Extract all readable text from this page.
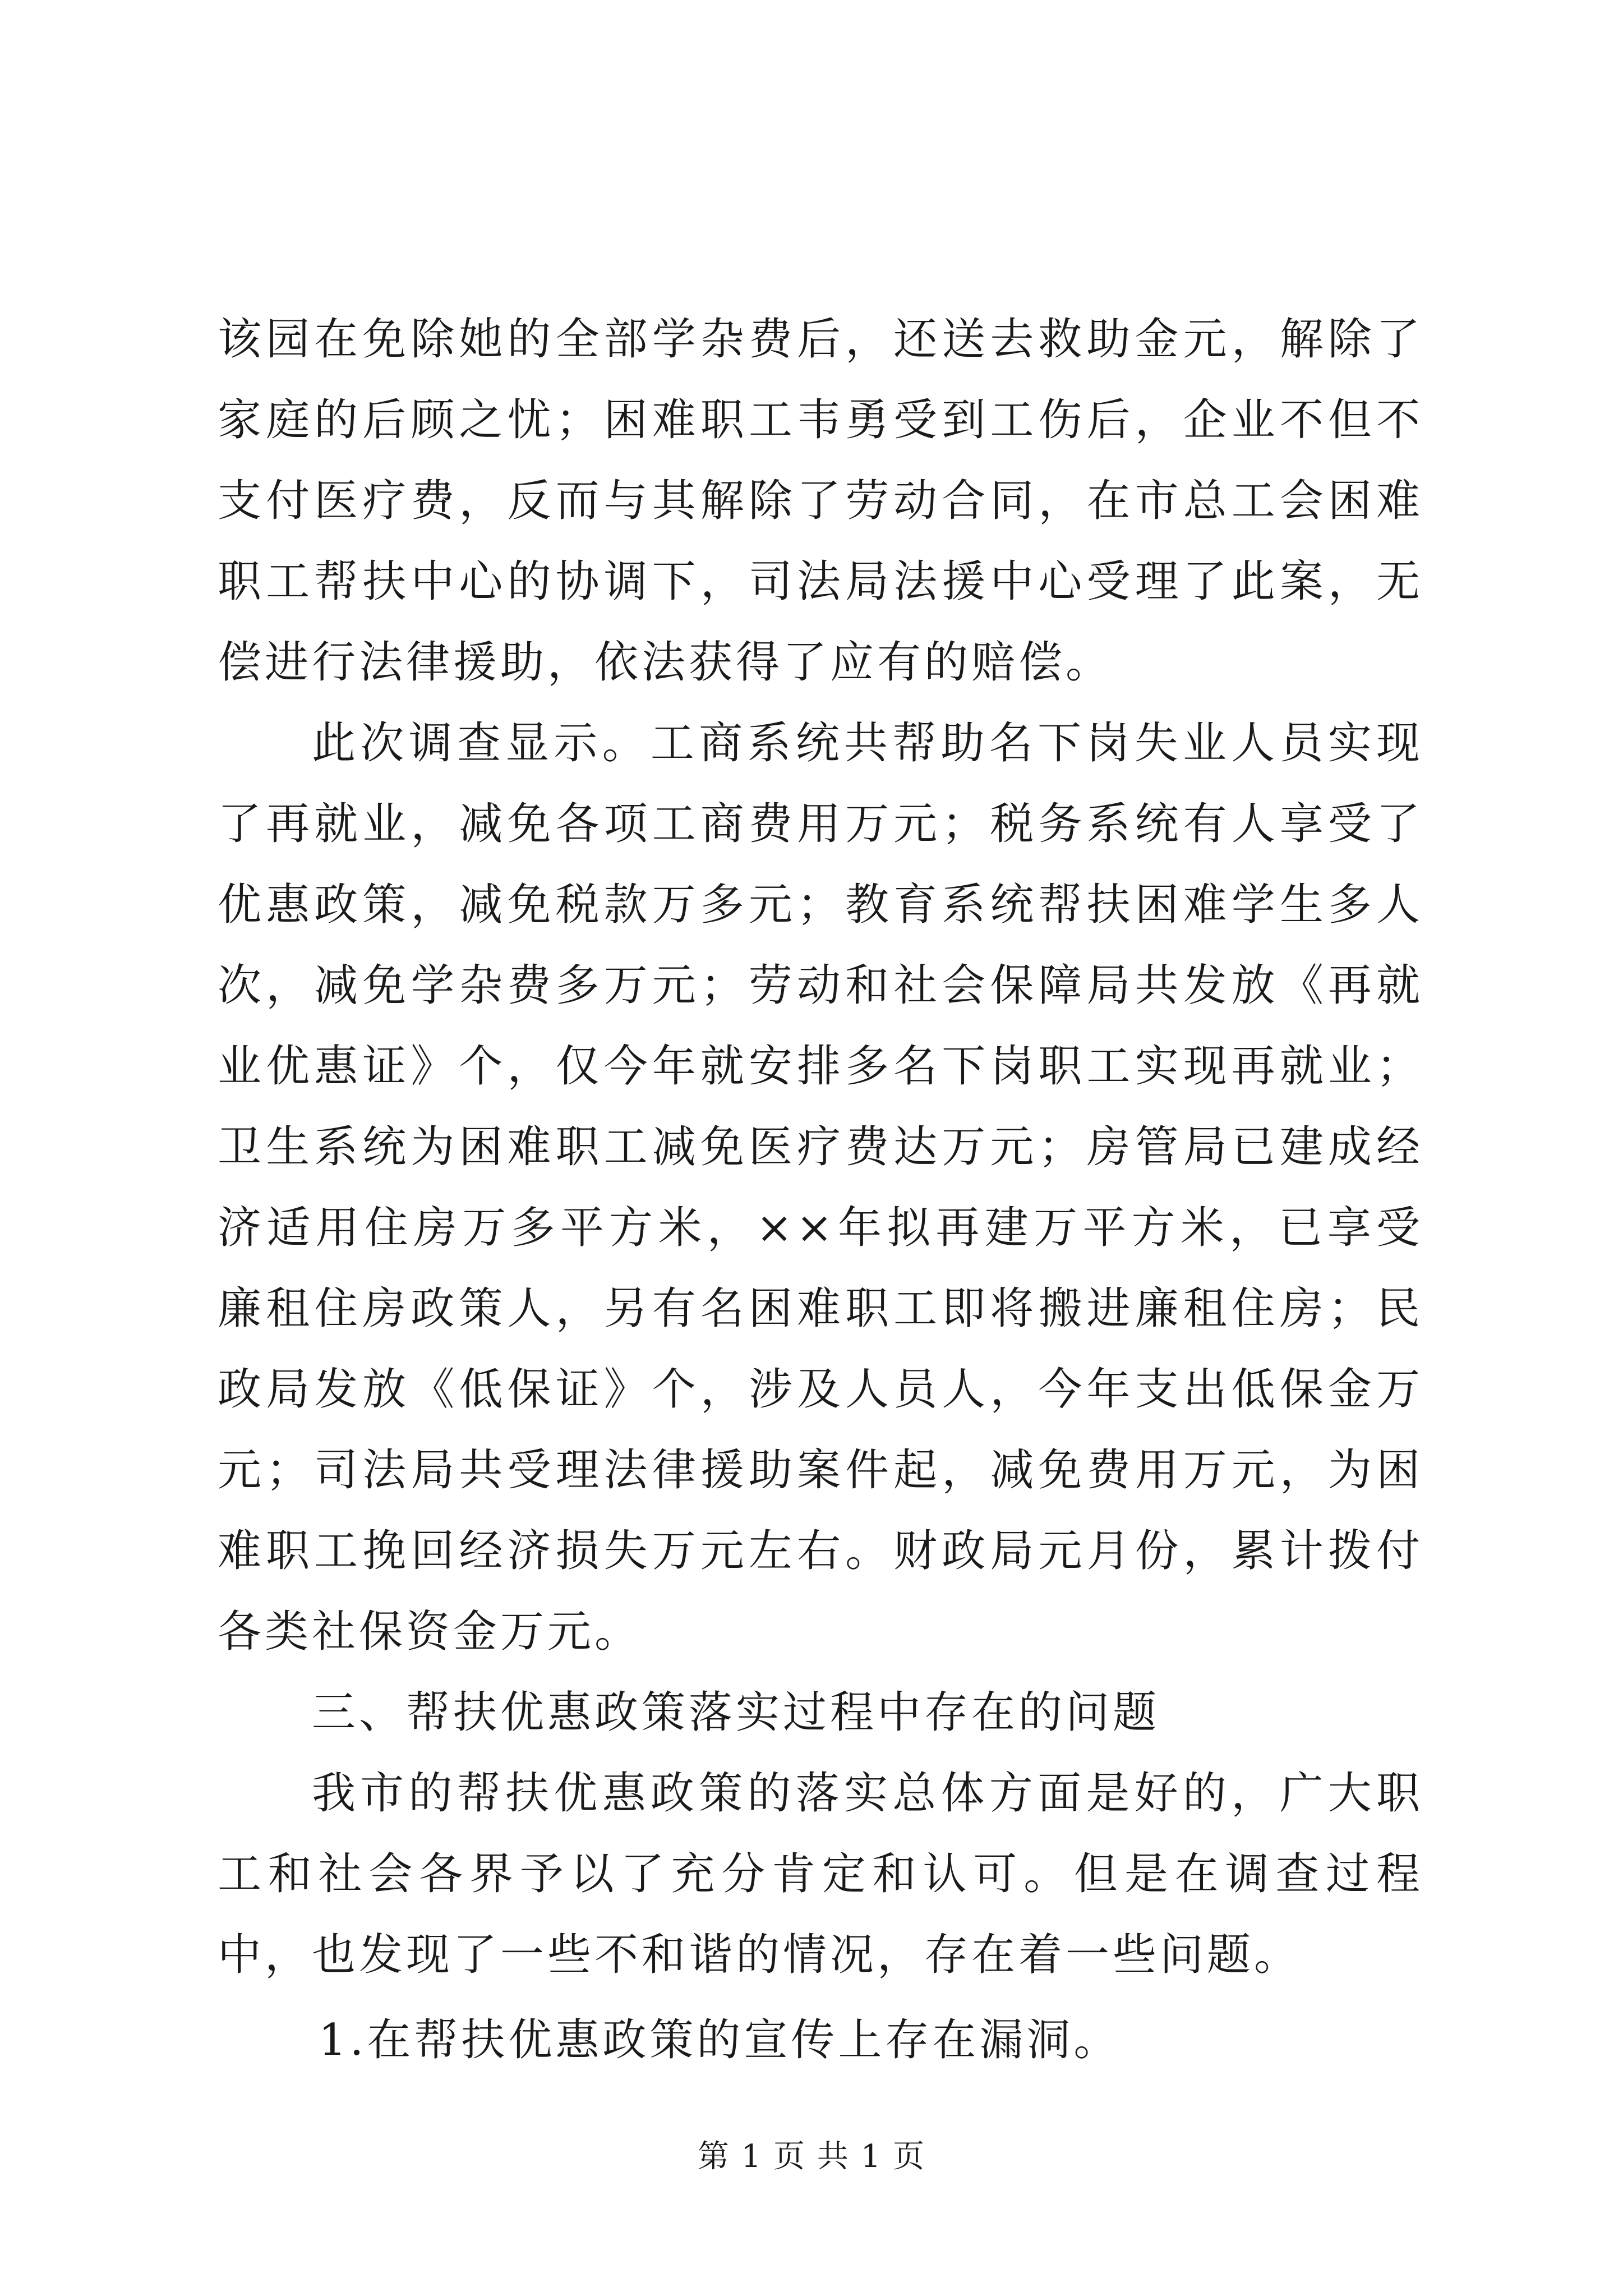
该园在免除她的全部学杂费后，还送去救助金元，解除了家庭的后顾之忧；困难职工韦勇受到工伤后，企业不但不支付医疗费，反而与其解除了劳动合同，在市总工会困难职工帮扶中心的协调下，司法局法援中心受理了此案，无偿进行法律援助，依法获得了应有的赔偿。

此次调查显示。工商系统共帮助名下岗失业人员实现了再就业，减免各项工商费用万元；税务系统有人享受了优惠政策，减免税款万多元；教育系统帮扶困难学生多人次，减免学杂费多万元；劳动和社会保障局共发放《再就业优惠证》个，仅今年就安排多名下岗职工实现再就业；卫生系统为困难职工减免医疗费达万元；房管局已建成经济适用住房万多平方米，××年拟再建万平方米，已享受廉租住房政策人，另有名困难职工即将搬进廉租住房；民政局发放《低保证》个，涉及人员人，今年支出低保金万元；司法局共受理法律援助案件起，减免费用万元，为困难职工挽回经济损失万元左右。财政局元月份，累计拨付各类社保资金万元。

三、帮扶优惠政策落实过程中存在的问题

我市的帮扶优惠政策的落实总体方面是好的，广大职工和社会各界予以了充分肯定和认可。但是在调查过程中，也发现了一些不和谐的情况，存在着一些问题。

1.在帮扶优惠政策的宣传上存在漏洞。

第 1 页 共 1 页
